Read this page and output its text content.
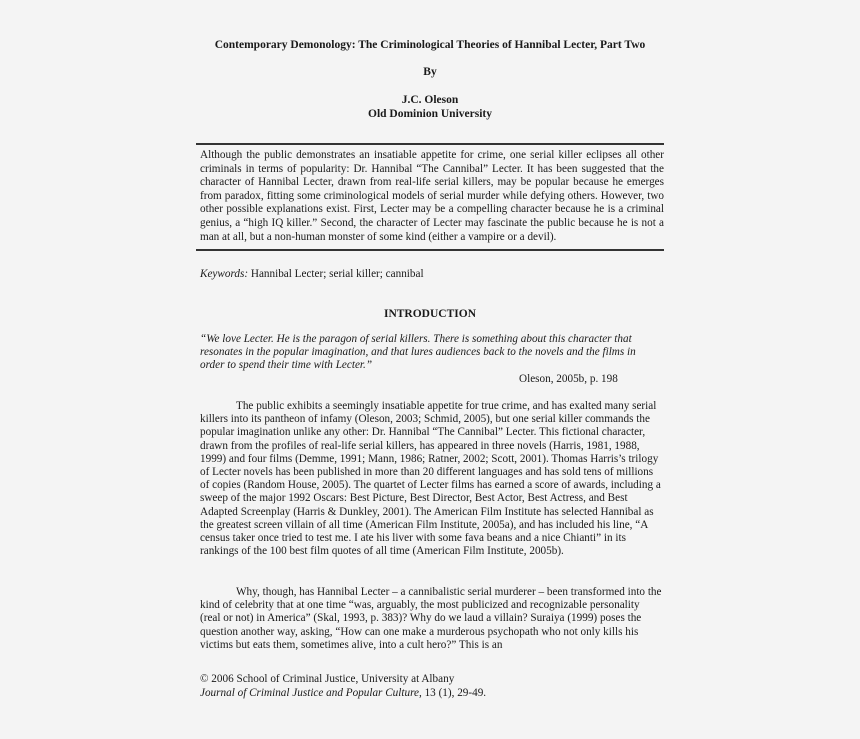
Contemporary Demonology: The Criminological Theories of Hannibal Lecter, Part Two
By
J.C. Oleson
Old Dominion University
Although the public demonstrates an insatiable appetite for crime, one serial killer eclipses all other criminals in terms of popularity: Dr. Hannibal “The Cannibal” Lecter. It has been suggested that the character of Hannibal Lecter, drawn from real-life serial killers, may be popular because he emerges from paradox, fitting some criminological models of serial murder while defying others. However, two other possible explanations exist. First, Lecter may be a compelling character because he is a criminal genius, a “high IQ killer.” Second, the character of Lecter may fascinate the public because he is not a man at all, but a non-human monster of some kind (either a vampire or a devil).
Keywords: Hannibal Lecter; serial killer; cannibal
INTRODUCTION
“We love Lecter. He is the paragon of serial killers. There is something about this character that resonates in the popular imagination, and that lures audiences back to the novels and the films in order to spend their time with Lecter.”
Oleson, 2005b, p. 198
The public exhibits a seemingly insatiable appetite for true crime, and has exalted many serial killers into its pantheon of infamy (Oleson, 2003; Schmid, 2005), but one serial killer commands the popular imagination unlike any other: Dr. Hannibal “The Cannibal” Lecter. This fictional character, drawn from the profiles of real-life serial killers, has appeared in three novels (Harris, 1981, 1988, 1999) and four films (Demme, 1991; Mann, 1986; Ratner, 2002; Scott, 2001). Thomas Harris’s trilogy of Lecter novels has been published in more than 20 different languages and has sold tens of millions of copies (Random House, 2005). The quartet of Lecter films has earned a score of awards, including a sweep of the major 1992 Oscars: Best Picture, Best Director, Best Actor, Best Actress, and Best Adapted Screenplay (Harris & Dunkley, 2001). The American Film Institute has selected Hannibal as the greatest screen villain of all time (American Film Institute, 2005a), and has included his line, “A census taker once tried to test me. I ate his liver with some fava beans and a nice Chianti” in its rankings of the 100 best film quotes of all time (American Film Institute, 2005b).
Why, though, has Hannibal Lecter – a cannibalistic serial murderer – been transformed into the kind of celebrity that at one time “was, arguably, the most publicized and recognizable personality (real or not) in America” (Skal, 1993, p. 383)? Why do we laud a villain? Suraiya (1999) poses the question another way, asking, “How can one make a murderous psychopath who not only kills his victims but eats them, sometimes alive, into a cult hero?” This is an
© 2006 School of Criminal Justice, University at Albany
Journal of Criminal Justice and Popular Culture, 13 (1), 29-49.
